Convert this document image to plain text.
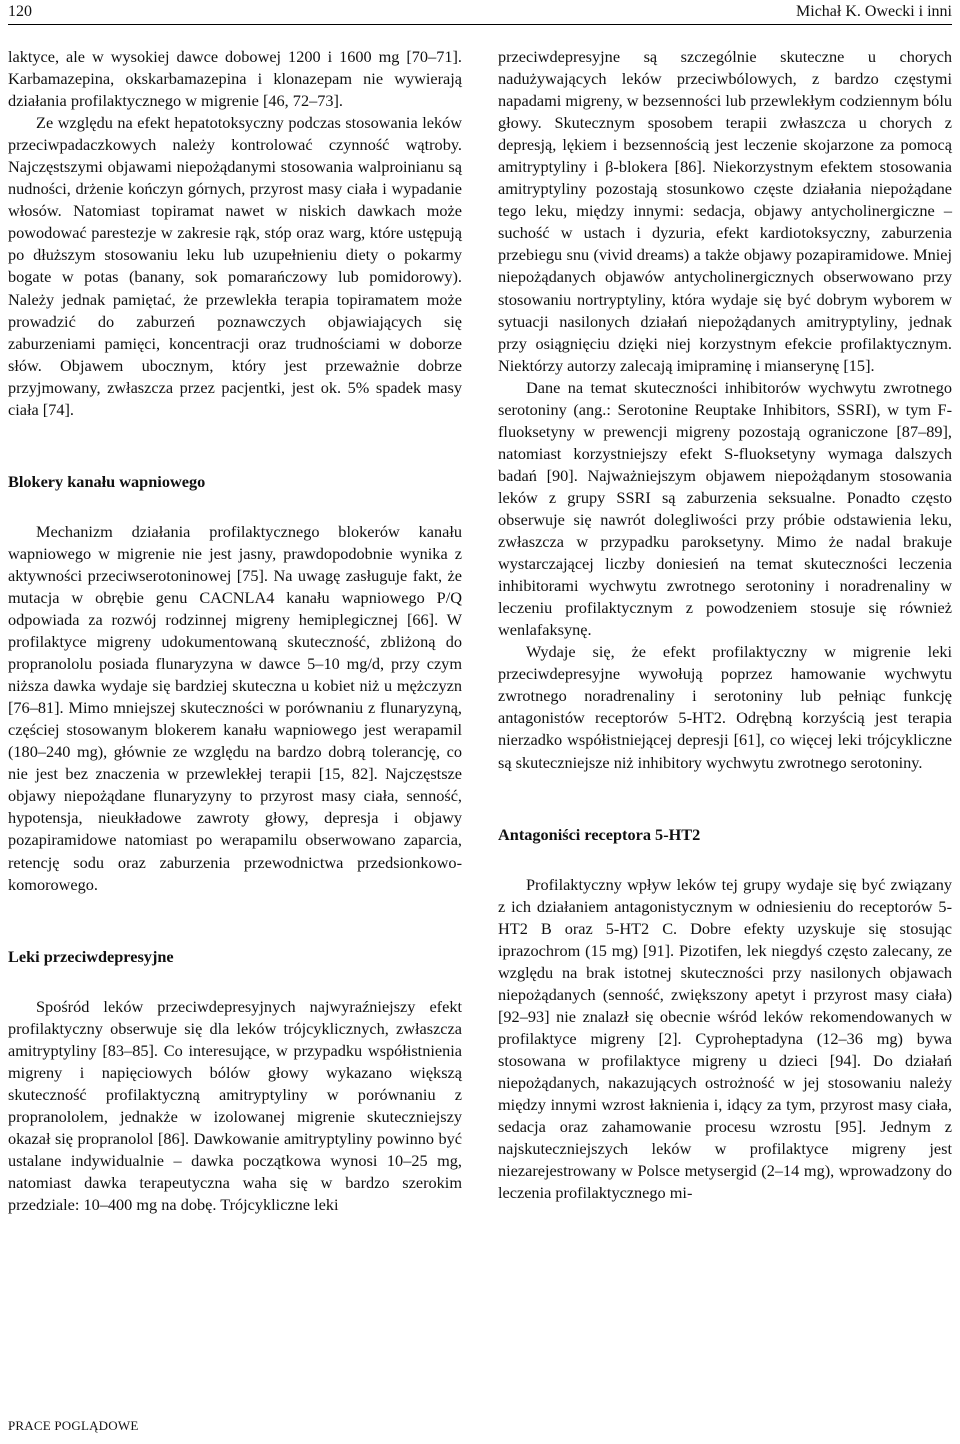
120	Michał K. Owecki i inni

laktyce, ale w wysokiej dawce dobowej 1200 i 1600 mg [70–71]. Karbamazepina, okskarbamazepina i klonazepam nie wywierają działania profilaktycznego w migrenie [46, 72–73].

Ze względu na efekt hepatotoksyczny podczas stosowania leków przeciwpadaczkowych należy kontrolować czynność wątroby. Najczęstszymi objawami niepożądanymi stosowania walproinianu są nudności, drżenie kończyn górnych, przyrost masy ciała i wypadanie włosów. Natomiast topiramat nawet w niskich dawkach może powodować parestezje w zakresie rąk, stóp oraz warg, które ustępują po dłuższym stosowaniu leku lub uzupełnieniu diety o pokarmy bogate w potas (banany, sok pomarańczowy lub pomidorowy). Należy jednak pamiętać, że przewlekła terapia topiramatem może prowadzić do zaburzeń poznawczych objawiających się zaburzeniami pamięci, koncentracji oraz trudnościami w doborze słów. Objawem ubocznym, który jest przeważnie dobrze przyjmowany, zwłaszcza przez pacjentki, jest ok. 5% spadek masy ciała [74].

Blokery kanału wapniowego

Mechanizm działania profilaktycznego blokerów kanału wapniowego w migrenie nie jest jasny, prawdopodobnie wynika z aktywności przeciwserotoninowej [75]. Na uwagę zasługuje fakt, że mutacja w obrębie genu CACNLA4 kanału wapniowego P/Q odpowiada za rozwój rodzinnej migreny hemiplegicznej [66]. W profilaktyce migreny udokumentowaną skuteczność, zbliżoną do propranololu posiada flunaryzyna w dawce 5–10 mg/d, przy czym niższa dawka wydaje się bardziej skuteczna u kobiet niż u mężczyzn [76–81]. Mimo mniejszej skuteczności w porównaniu z flunaryzyną, częściej stosowanym blokerem kanału wapniowego jest werapamil (180–240 mg), głównie ze względu na bardzo dobrą tolerancję, co nie jest bez znaczenia w przewlekłej terapii [15, 82]. Najczęstsze objawy niepożądane flunaryzyny to przyrost masy ciała, senność, hypotensja, nieukładowe zawroty głowy, depresja i objawy pozapiramidowe natomiast po werapamilu obserwowano zaparcia, retencję sodu oraz zaburzenia przewodnictwa przedsionkowo-komorowego.

Leki przeciwdepresyjne

Spośród leków przeciwdepresyjnych najwyraźniejszy efekt profilaktyczny obserwuje się dla leków trójcyklicznych, zwłaszcza amitryptyliny [83–85]. Co interesujące, w przypadku współistnienia migreny i napięciowych bólów głowy wykazano większą skuteczność profilaktyczną amitryptyliny w porównaniu z propranololem, jednakże w izolowanej migrenie skuteczniejszy okazał się propranolol [86]. Dawkowanie amitryptyliny powinno być ustalane indywidualnie – dawka początkowa wynosi 10–25 mg, natomiast dawka terapeutyczna waha się w bardzo szerokim przedziale: 10–400 mg na dobę. Trójcykliczne leki

przeciwdepresyjne są szczególnie skuteczne u chorych nadużywających leków przeciwbólowych, z bardzo częstymi napadami migreny, w bezsenności lub przewlekłym codziennym bólu głowy. Skutecznym sposobem terapii zwłaszcza u chorych z depresją, lękiem i bezsennością jest leczenie skojarzone za pomocą amitryptyliny i β-blokera [86]. Niekorzystnym efektem stosowania amitryptyliny pozostają stosunkowo częste działania niepożądane tego leku, między innymi: sedacja, objawy antycholinergiczne – suchość w ustach i dyzuria, efekt kardiotoksyczny, zaburzenia przebiegu snu (vivid dreams) a także objawy pozapiramidowe. Mniej niepożądanych objawów antycholinergicznych obserwowano przy stosowaniu nortryptyliny, która wydaje się być dobrym wyborem w sytuacji nasilonych działań niepożądanych amitryptyliny, jednak przy osiągnięciu dzięki niej korzystnym efekcie profilaktycznym. Niektórzy autorzy zalecają imipraminę i mianserynę [15].

Dane na temat skuteczności inhibitorów wychwytu zwrotnego serotoniny (ang.: Serotonine Reuptake Inhibitors, SSRI), w tym F-fluoksetyny w prewencji migreny pozostają ograniczone [87–89], natomiast korzystniejszy efekt S-fluoksetyny wymaga dalszych badań [90]. Najważniejszym objawem niepożądanym stosowania leków z grupy SSRI są zaburzenia seksualne. Ponadto często obserwuje się nawrót dolegliwości przy próbie odstawienia leku, zwłaszcza w przypadku paroksetyny. Mimo że nadal brakuje wystarczającej liczby doniesień na temat skuteczności leczenia inhibitorami wychwytu zwrotnego serotoniny i noradrenaliny w leczeniu profilaktycznym z powodzeniem stosuje się również wenlafaksynę.

Wydaje się, że efekt profilaktyczny w migrenie leki przeciwdepresyjne wywołują poprzez hamowanie wychwytu zwrotnego noradrenaliny i serotoniny lub pełniąc funkcję antagonistów receptorów 5-HT2. Odrębną korzyścią jest terapia nierzadko współistniejącej depresji [61], co więcej leki trójcykliczne są skuteczniejsze niż inhibitory wychwytu zwrotnego serotoniny.

Antagoniści receptora 5-HT2

Profilaktyczny wpływ leków tej grupy wydaje się być związany z ich działaniem antagonistycznym w odniesieniu do receptorów 5-HT2 B oraz 5-HT2 C. Dobre efekty uzyskuje się stosując iprazochrom (15 mg) [91]. Pizotifen, lek niegdyś często zalecany, ze względu na brak istotnej skuteczności przy nasilonych objawach niepożądanych (senność, zwiększony apetyt i przyrost masy ciała) [92–93] nie znalazł się obecnie wśród leków rekomendowanych w profilaktyce migreny [2]. Cyproheptadyna (12–36 mg) bywa stosowana w profilaktyce migreny u dzieci [94]. Do działań niepożądanych, nakazujących ostrożność w jej stosowaniu należy między innymi wzrost łaknienia i, idący za tym, przyrost masy ciała, sedacja oraz zahamowanie procesu wzrostu [95]. Jednym z najskuteczniejszych leków w profilaktyce migreny jest niezarejestrowany w Polsce metysergid (2–14 mg), wprowadzony do leczenia profilaktycznego mi-

PRACE POGLĄDOWE
